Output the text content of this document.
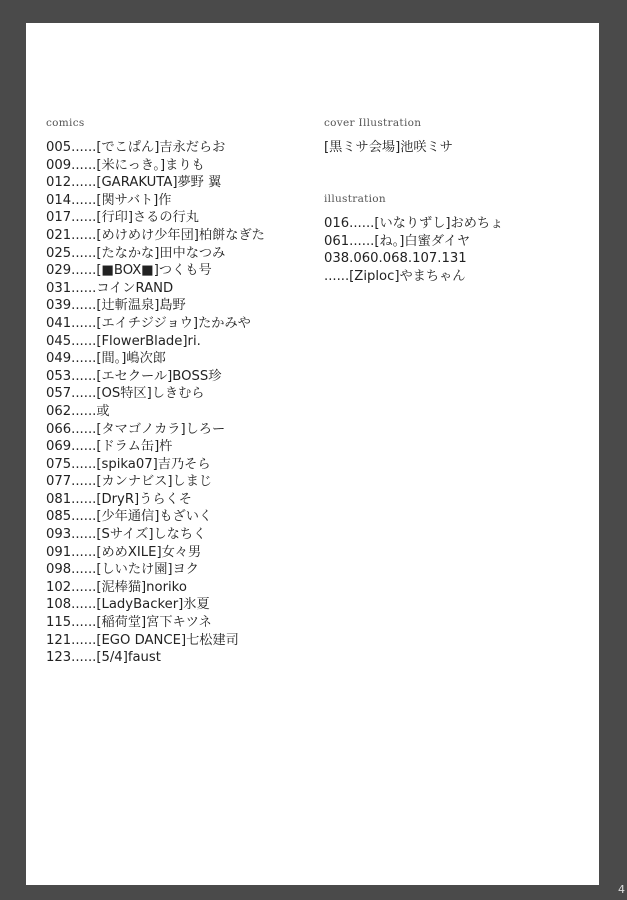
comics
005......[でこぱん]吉永だらお
009......[米にっき。]まりも
012......[GARAKUTA]夢野 翼
014......[関サバト]作
017......[行印]さるの行丸
021......[めけめけ少年団]柏餅なぎた
025......[たなかな]田中なつみ
029......[■BOX■]つくも号
031......コインRAND
039......[辻斬温泉]島野
041......[エイチジジョウ]たかみや
045......[FlowerBlade]ri.
049......[間。]嶋次郎
053......[エセクール]BOSS珍
057......[OS特区]しきむら
062......或
066......[タマゴノカラ]しろー
069......[ドラム缶]杵
075......[spika07]吉乃そら
077......[カンナビス]しまじ
081......[DryR]うらくそ
085......[少年通信]もざいく
093......[Sサイズ]しなちく
091......[めめXILE]女々男
098......[しいたけ園]ヨク
102......[泥棒猫]noriko
108......[LadyBacker]氷夏
115......[稲荷堂]宮下キツネ
121......[EGO DANCE]七松建司
123......[5/4]faust
cover Illustration
[黒ミサ会場]池咲ミサ
illustration
016......[いなりずし]おめちょ
061......[ね。]白蜜ダイヤ
038.060.068.107.131
......[Ziploc]やまちゃん
4
